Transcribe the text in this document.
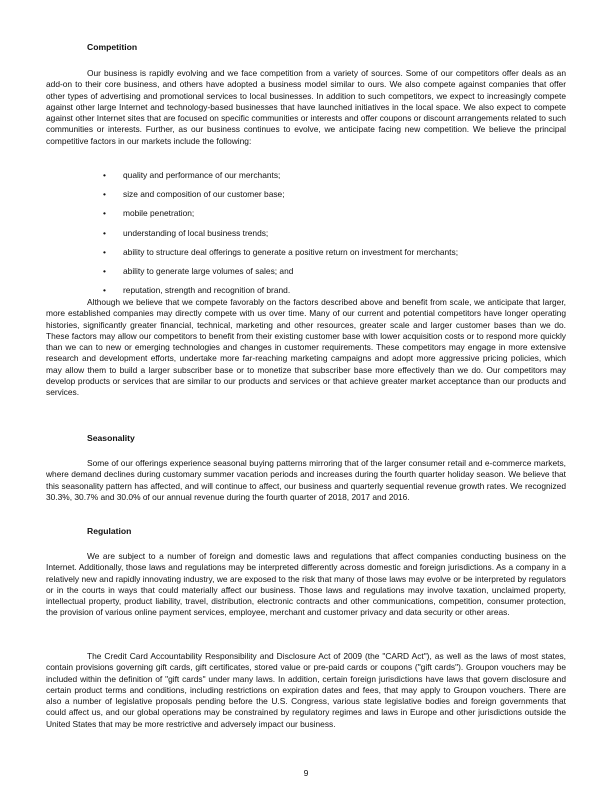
Competition

Our business is rapidly evolving and we face competition from a variety of sources. Some of our competitors offer deals as an add-on to their core business, and others have adopted a business model similar to ours. We also compete against companies that offer other types of advertising and promotional services to local businesses. In addition to such competitors, we expect to increasingly compete against other large Internet and technology-based businesses that have launched initiatives in the local space. We also expect to compete against other Internet sites that are focused on specific communities or interests and offer coupons or discount arrangements related to such communities or interests. Further, as our business continues to evolve, we anticipate facing new competition. We believe the principal competitive factors in our markets include the following:

• quality and performance of our merchants;
• size and composition of our customer base;
• mobile penetration;
• understanding of local business trends;
• ability to structure deal offerings to generate a positive return on investment for merchants;
• ability to generate large volumes of sales; and
• reputation, strength and recognition of brand.

Although we believe that we compete favorably on the factors described above and benefit from scale, we anticipate that larger, more established companies may directly compete with us over time. Many of our current and potential competitors have longer operating histories, significantly greater financial, technical, marketing and other resources, greater scale and larger customer bases than we do. These factors may allow our competitors to benefit from their existing customer base with lower acquisition costs or to respond more quickly than we can to new or emerging technologies and changes in customer requirements. These competitors may engage in more extensive research and development efforts, undertake more far-reaching marketing campaigns and adopt more aggressive pricing policies, which may allow them to build a larger subscriber base or to monetize that subscriber base more effectively than we do. Our competitors may develop products or services that are similar to our products and services or that achieve greater market acceptance than our products and services.

Seasonality

Some of our offerings experience seasonal buying patterns mirroring that of the larger consumer retail and e-commerce markets, where demand declines during customary summer vacation periods and increases during the fourth quarter holiday season. We believe that this seasonality pattern has affected, and will continue to affect, our business and quarterly sequential revenue growth rates. We recognized 30.3%, 30.7% and 30.0% of our annual revenue during the fourth quarter of 2018, 2017 and 2016.

Regulation

We are subject to a number of foreign and domestic laws and regulations that affect companies conducting business on the Internet. Additionally, those laws and regulations may be interpreted differently across domestic and foreign jurisdictions. As a company in a relatively new and rapidly innovating industry, we are exposed to the risk that many of those laws may evolve or be interpreted by regulators or in the courts in ways that could materially affect our business. Those laws and regulations may involve taxation, unclaimed property, intellectual property, product liability, travel, distribution, electronic contracts and other communications, competition, consumer protection, the provision of various online payment services, employee, merchant and customer privacy and data security or other areas.

The Credit Card Accountability Responsibility and Disclosure Act of 2009 (the "CARD Act"), as well as the laws of most states, contain provisions governing gift cards, gift certificates, stored value or pre-paid cards or coupons ("gift cards"). Groupon vouchers may be included within the definition of "gift cards" under many laws. In addition, certain foreign jurisdictions have laws that govern disclosure and certain product terms and conditions, including restrictions on expiration dates and fees, that may apply to Groupon vouchers. There are also a number of legislative proposals pending before the U.S. Congress, various state legislative bodies and foreign governments that could affect us, and our global operations may be constrained by regulatory regimes and laws in Europe and other jurisdictions outside the United States that may be more restrictive and adversely impact our business.

9
